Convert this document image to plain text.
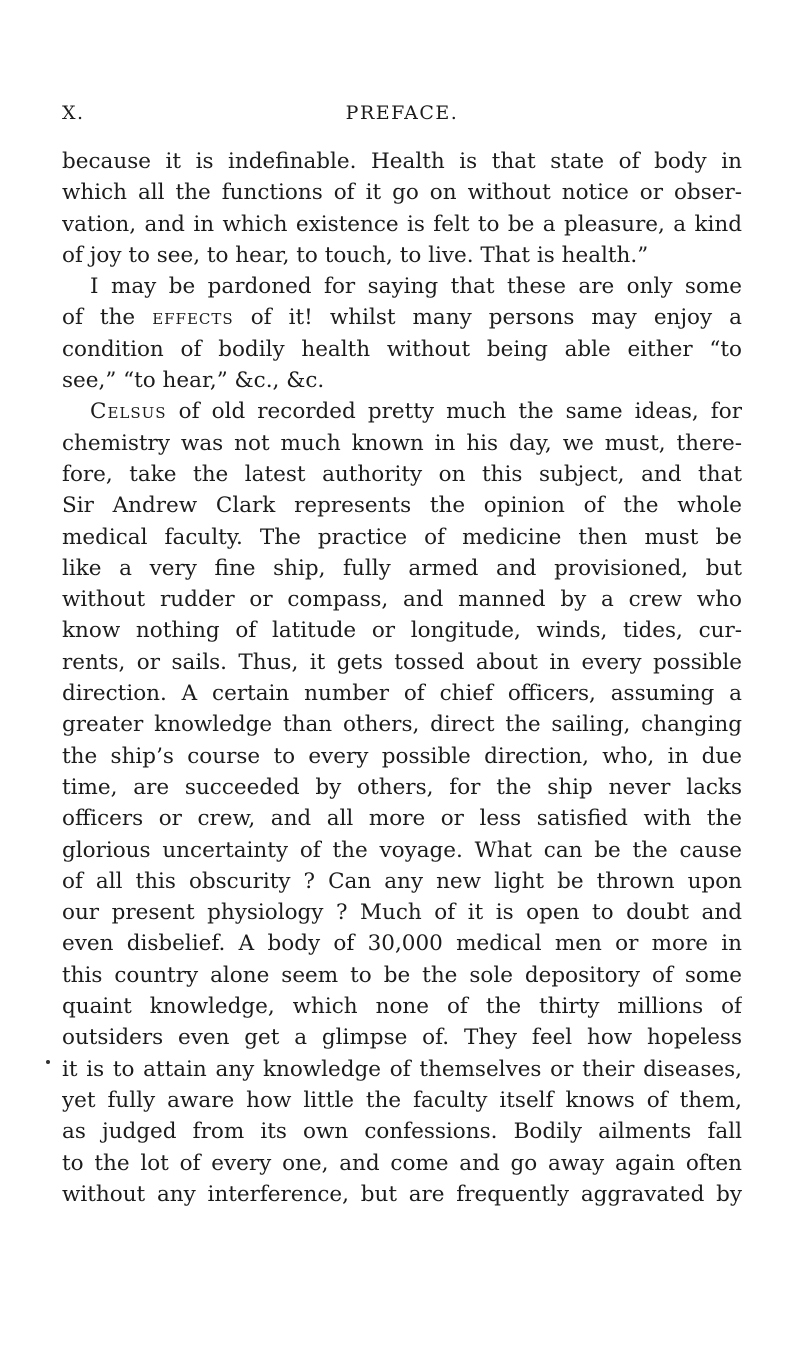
X.	PREFACE.
because it is indefinable. Health is that state of body in
which all the functions of it go on without notice or obser-
vation, and in which existence is felt to be a pleasure, a kind
of joy to see, to hear, to touch, to live. That is health.”
I may be pardoned for saying that these are only some
of the effects of it! whilst many persons may enjoy a
condition of bodily health without being able either “to
see,” “to hear,” &c., &c.
Celsus of old recorded pretty much the same ideas, for
chemistry was not much known in his day, we must, there-
fore, take the latest authority on this subject, and that
Sir Andrew Clark represents the opinion of the whole
medical faculty. The practice of medicine then must be
like a very fine ship, fully armed and provisioned, but
without rudder or compass, and manned by a crew who
know nothing of latitude or longitude, winds, tides, cur-
rents, or sails. Thus, it gets tossed about in every possible
direction. A certain number of chief officers, assuming a
greater knowledge than others, direct the sailing, changing
the ship’s course to every possible direction, who, in due
time, are succeeded by others, for the ship never lacks
officers or crew, and all more or less satisfied with the
glorious uncertainty of the voyage. What can be the cause
of all this obscurity ? Can any new light be thrown upon
our present physiology ? Much of it is open to doubt and
even disbelief. A body of 30,000 medical men or more in
this country alone seem to be the sole depository of some
quaint knowledge, which none of the thirty millions of
outsiders even get a glimpse of. They feel how hopeless
it is to attain any knowledge of themselves or their diseases,
yet fully aware how little the faculty itself knows of them,
as judged from its own confessions. Bodily ailments fall
to the lot of every one, and come and go away again often
without any interference, but are frequently aggravated by
